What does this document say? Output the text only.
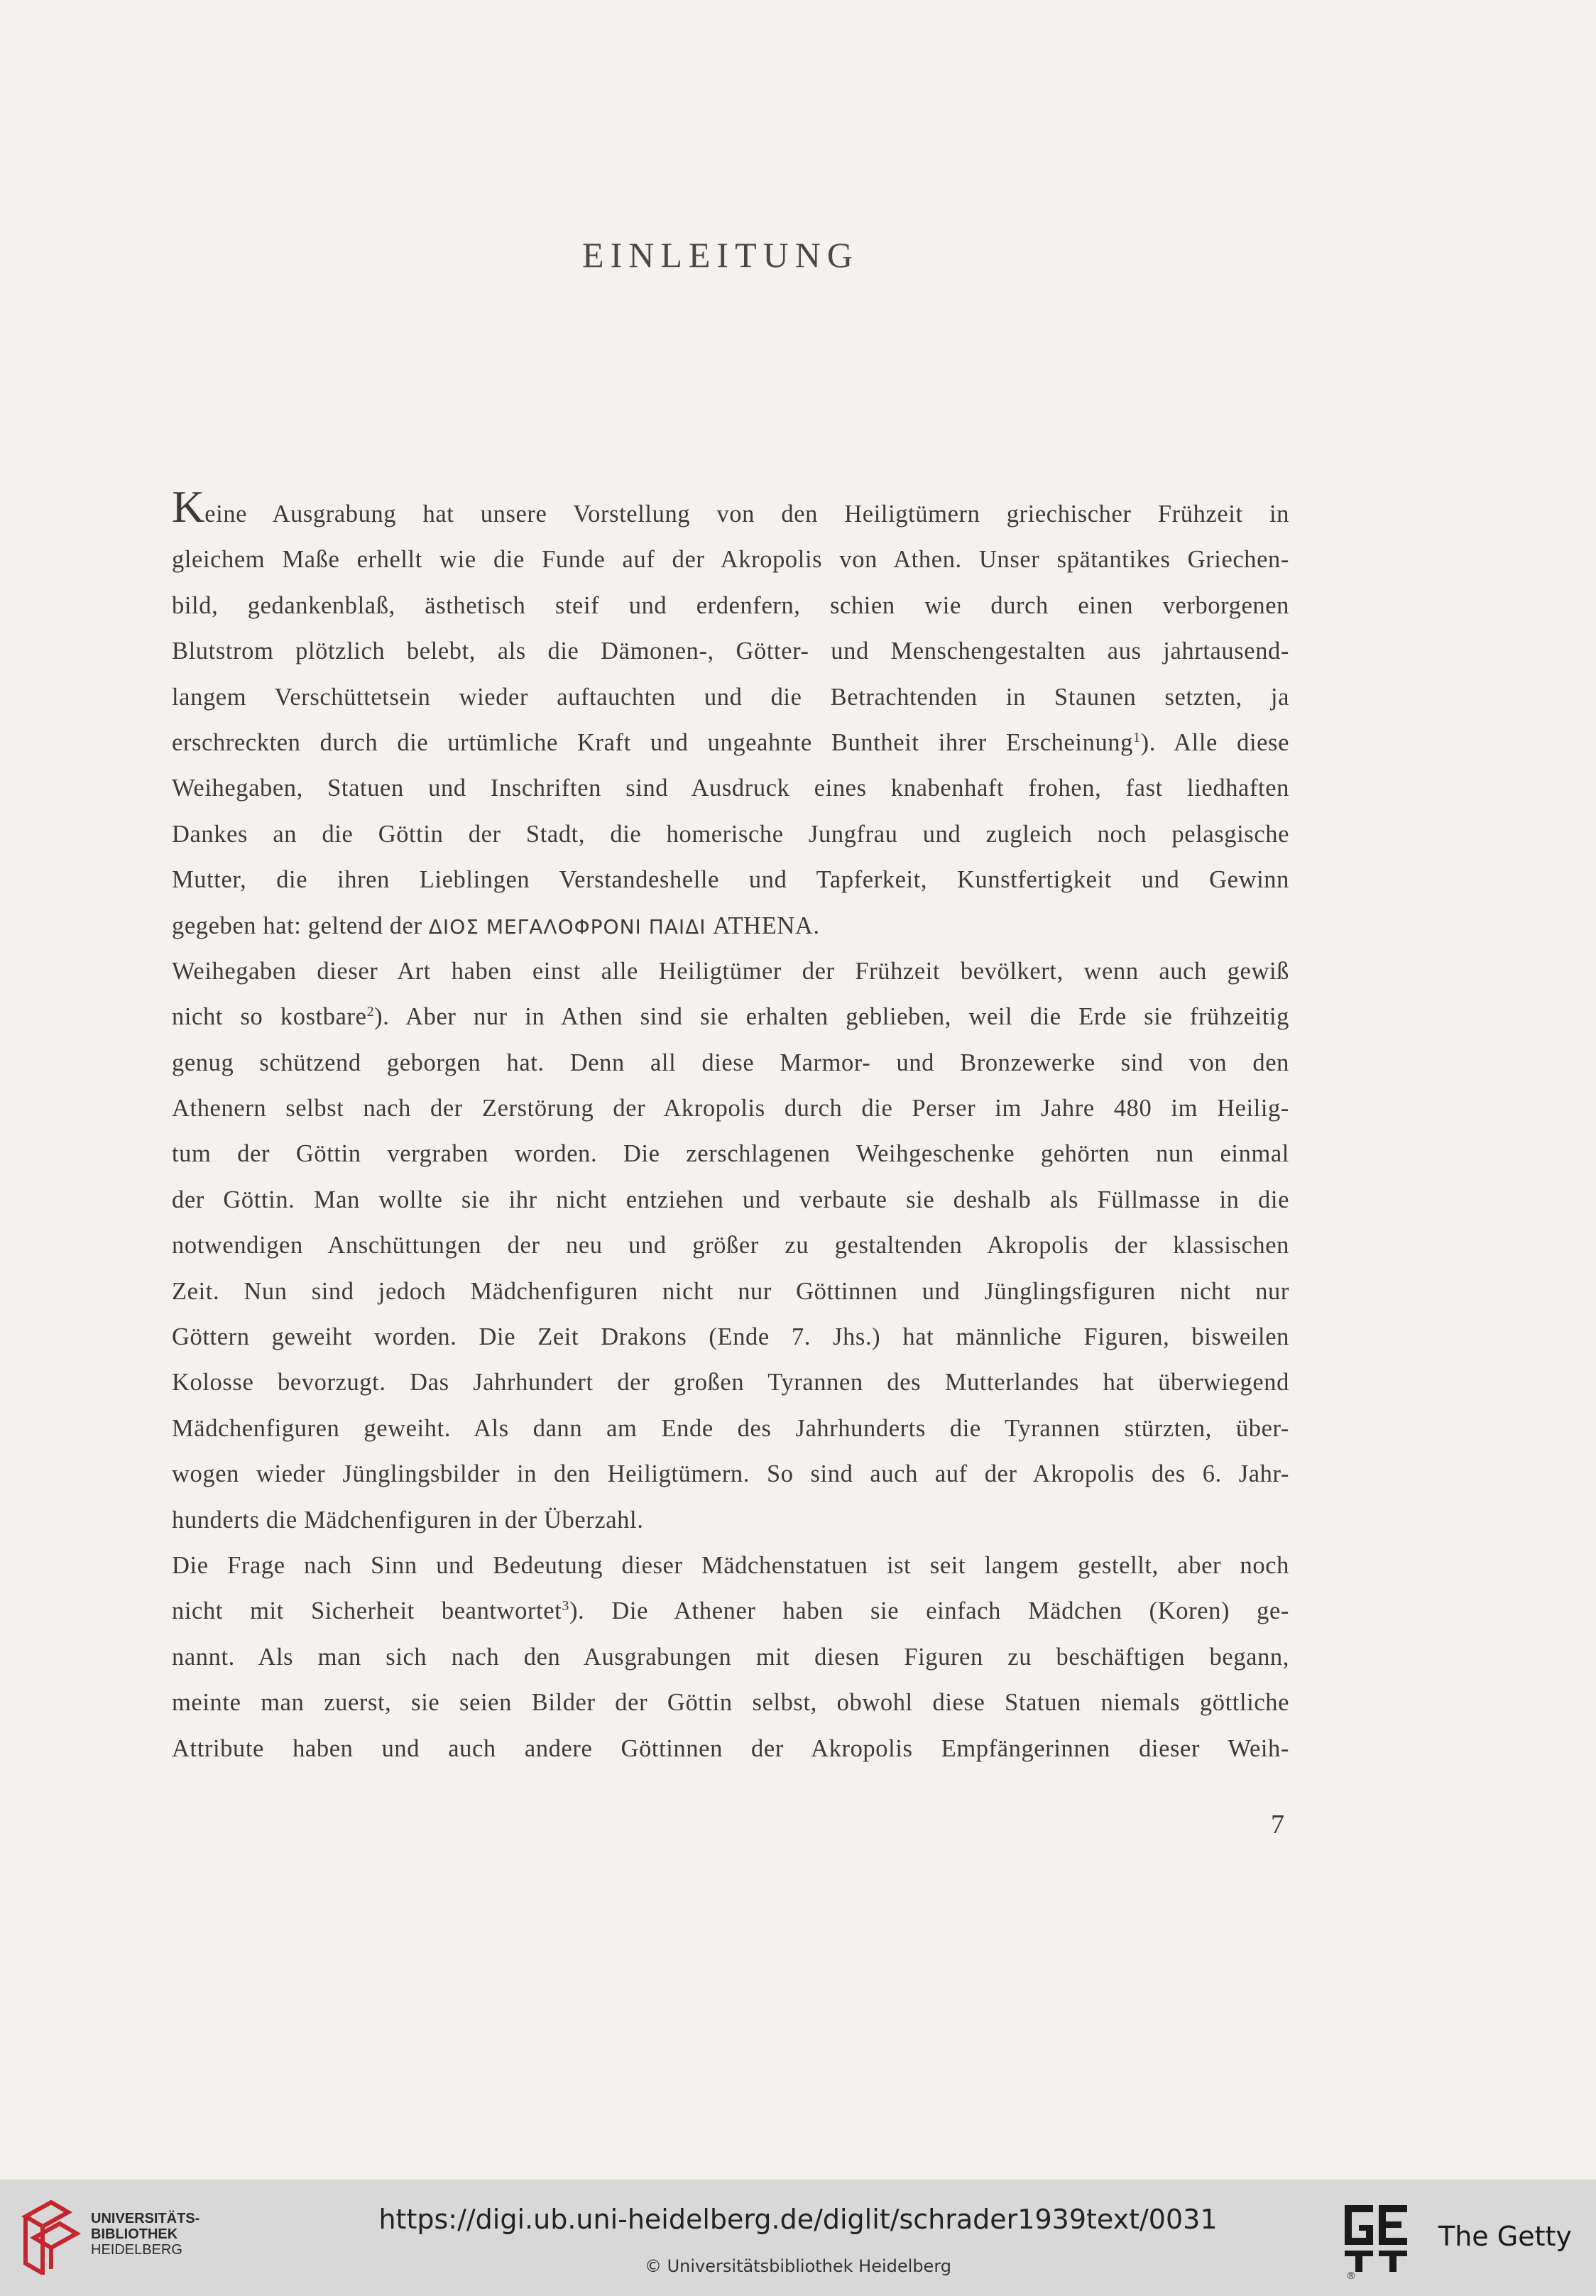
EINLEITUNG
Keine Ausgrabung hat unsere Vorstellung von den Heiligtümern griechischer Frühzeit in
gleichem Maße erhellt wie die Funde auf der Akropolis von Athen. Unser spätantikes Griechen-
bild, gedankenblaß, ästhetisch steif und erdenfern, schien wie durch einen verborgenen
Blutstrom plötzlich belebt, als die Dämonen-, Götter- und Menschengestalten aus jahrtausend-
langem Verschüttetsein wieder auftauchten und die Betrachtenden in Staunen setzten, ja
erschreckten durch die urtümliche Kraft und ungeahnte Buntheit ihrer Erscheinung$^1$). Alle diese
Weihegaben, Statuen und Inschriften sind Ausdruck eines knabenhaft frohen, fast liedhaften
Dankes an die Göttin der Stadt, die homerische Jungfrau und zugleich noch pelasgische
Mutter, die ihren Lieblingen Verstandeshelle und Tapferkeit, Kunstfertigkeit und Gewinn
gegeben hat: geltend der ΔΙΟΣ ΜΕΓΑΛΟΦΡΟΝΙ ΠΑΙΔΙ ATHENA.
Weihegaben dieser Art haben einst alle Heiligtümer der Frühzeit bevölkert, wenn auch gewiß
nicht so kostbare$^2$). Aber nur in Athen sind sie erhalten geblieben, weil die Erde sie frühzeitig
genug schützend geborgen hat. Denn all diese Marmor- und Bronzewerke sind von den
Athenern selbst nach der Zerstörung der Akropolis durch die Perser im Jahre 480 im Heilig-
tum der Göttin vergraben worden. Die zerschlagenen Weihgeschenke gehörten nun einmal
der Göttin. Man wollte sie ihr nicht entziehen und verbaute sie deshalb als Füllmasse in die
notwendigen Anschüttungen der neu und größer zu gestaltenden Akropolis der klassischen
Zeit. Nun sind jedoch Mädchenfiguren nicht nur Göttinnen und Jünglingsfiguren nicht nur
Göttern geweiht worden. Die Zeit Drakons (Ende 7. Jhs.) hat männliche Figuren, bisweilen
Kolosse bevorzugt. Das Jahrhundert der großen Tyrannen des Mutterlandes hat überwiegend
Mädchenfiguren geweiht. Als dann am Ende des Jahrhunderts die Tyrannen stürzten, über-
wogen wieder Jünglingsbilder in den Heiligtümern. So sind auch auf der Akropolis des 6. Jahr-
hunderts die Mädchenfiguren in der Überzahl.
Die Frage nach Sinn und Bedeutung dieser Mädchenstatuen ist seit langem gestellt, aber noch
nicht mit Sicherheit beantwortet$^3$). Die Athener haben sie einfach Mädchen (Koren) ge-
nannt. Als man sich nach den Ausgrabungen mit diesen Figuren zu beschäftigen begann,
meinte man zuerst, sie seien Bilder der Göttin selbst, obwohl diese Statuen niemals göttliche
Attribute haben und auch andere Göttinnen der Akropolis Empfängerinnen dieser Weih-
7
UNIVERSITÄTS-
BIBLIOTHEK
HEIDELBERG
https://digi.ub.uni-heidelberg.de/diglit/schrader1939text/0031
© Universitätsbibliothek Heidelberg	®
The Getty
